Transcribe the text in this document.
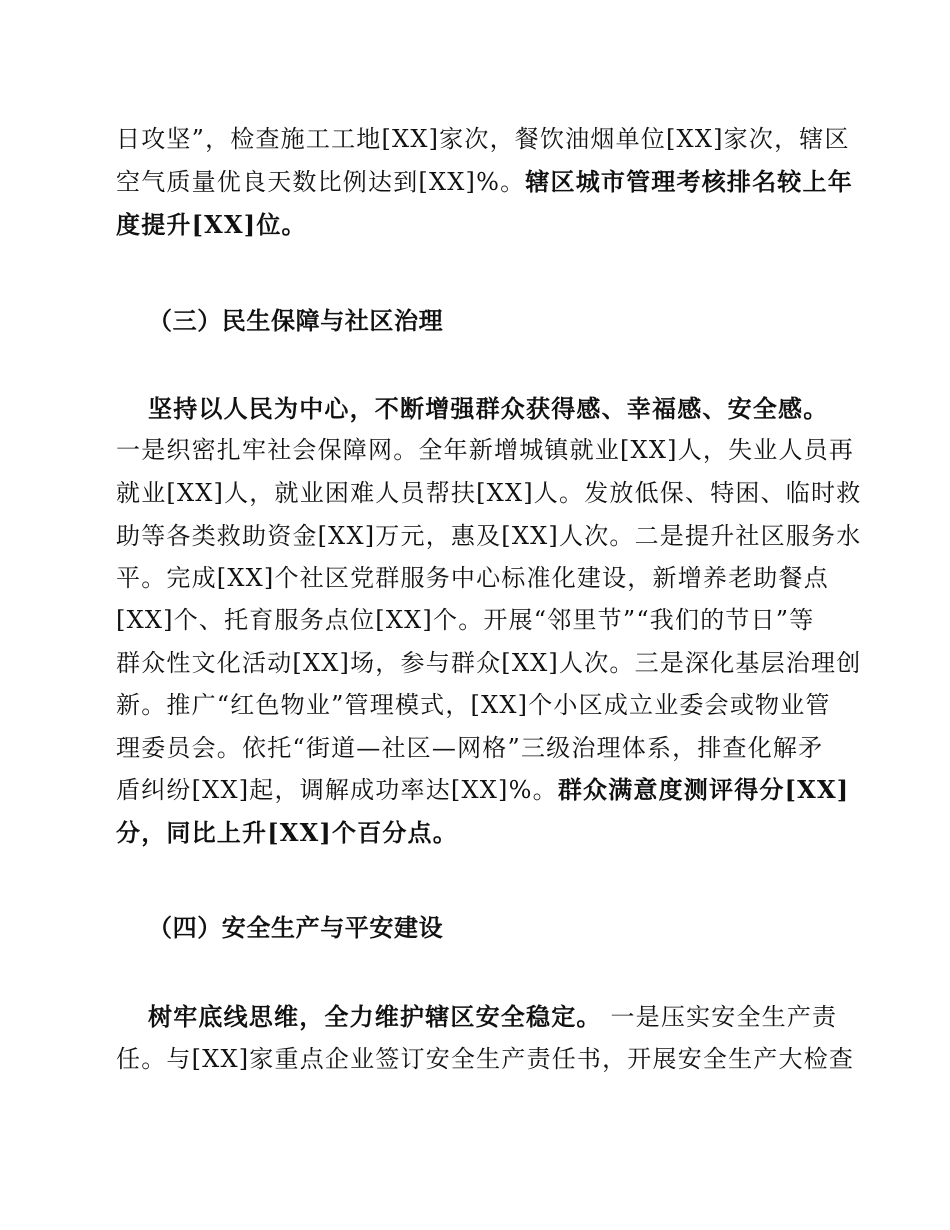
日攻坚”，检查施工工地[XX]家次，餐饮油烟单位[XX]家次，辖区
空气质量优良天数比例达到[XX]%。辖区城市管理考核排名较上年
度提升[XX]位。
（三）民生保障与社区治理
坚持以人民为中心，不断增强群众获得感、幸福感、安全感。
一是织密扎牢社会保障网。全年新增城镇就业[XX]人，失业人员再
就业[XX]人，就业困难人员帮扶[XX]人。发放低保、特困、临时救
助等各类救助资金[XX]万元，惠及[XX]人次。二是提升社区服务水
平。完成[XX]个社区党群服务中心标准化建设，新增养老助餐点
[XX]个、托育服务点位[XX]个。开展“邻里节”“我们的节日”等
群众性文化活动[XX]场，参与群众[XX]人次。三是深化基层治理创
新。推广“红色物业”管理模式，[XX]个小区成立业委会或物业管
理委员会。依托“街道—社区—网格”三级治理体系，排查化解矛
盾纠纷[XX]起，调解成功率达[XX]%。群众满意度测评得分[XX]
分，同比上升[XX]个百分点。
（四）安全生产与平安建设
树牢底线思维，全力维护辖区安全稳定。 一是压实安全生产责
任。与[XX]家重点企业签订安全生产责任书，开展安全生产大检查
